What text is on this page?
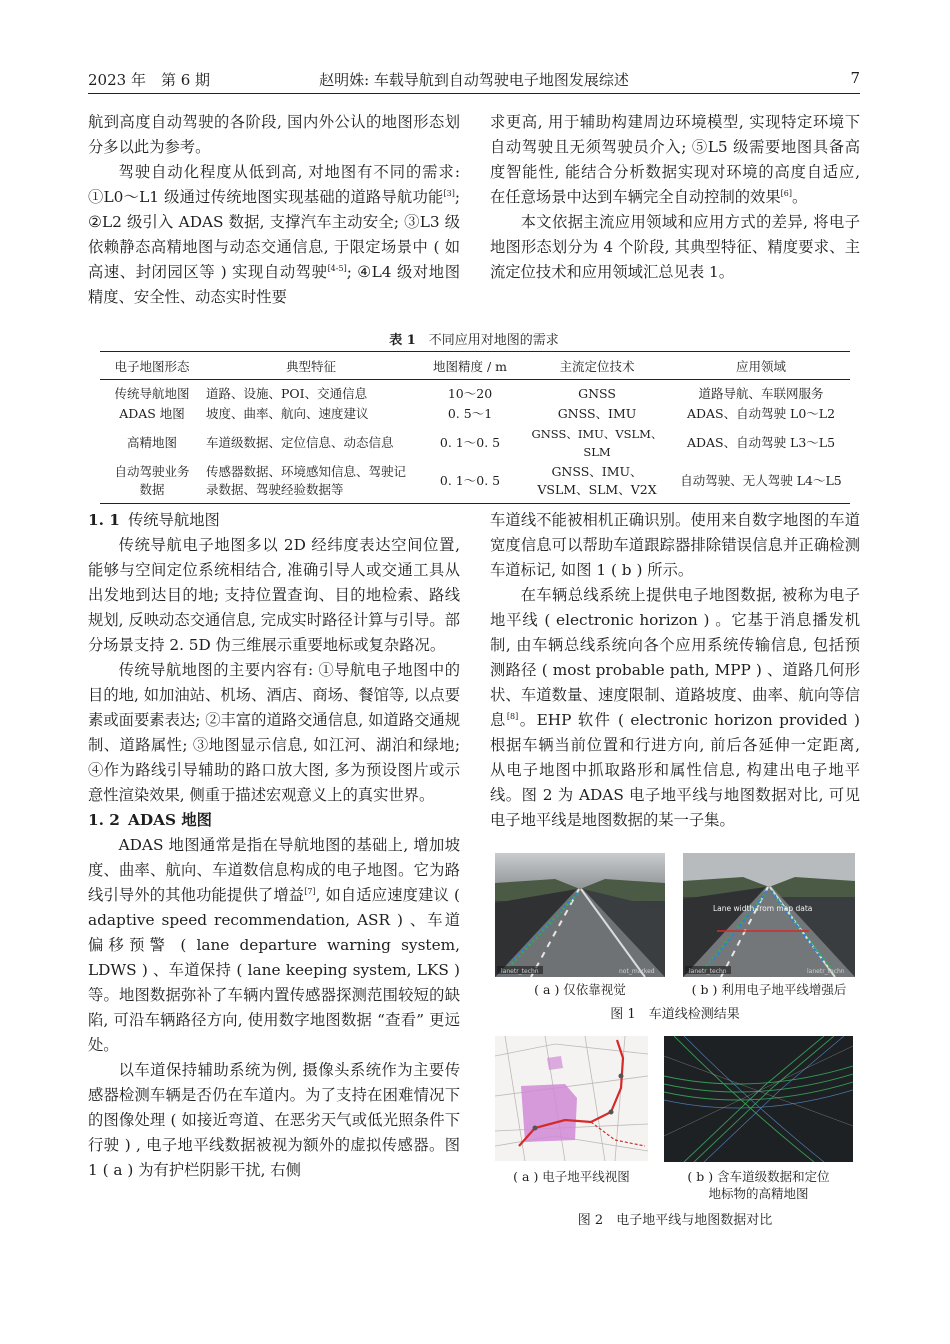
2023 年　第 6 期	赵明姝: 车载导航到自动驾驶电子地图发展综述	7

航到高度自动驾驶的各阶段, 国内外公认的地图形态划分多以此为参考。

驾驶自动化程度从低到高, 对地图有不同的需求: ①L0～L1 级通过传统地图实现基础的道路导航功能[3]; ②L2 级引入 ADAS 数据, 支撑汽车主动安全; ③L3 级依赖静态高精地图与动态交通信息, 于限定场景中 ( 如高速、封闭园区等 ) 实现自动驾驶[4-5]; ④L4 级对地图精度、安全性、动态实时性要

求更高, 用于辅助构建周边环境模型, 实现特定环境下自动驾驶且无须驾驶员介入; ⑤L5 级需要地图具备高度智能性, 能结合分析数据实现对环境的高度自适应, 在任意场景中达到车辆完全自动控制的效果[6]。

本文依据主流应用领域和应用方式的差异, 将电子地图形态划分为 4 个阶段, 其典型特征、精度要求、主流定位技术和应用领域汇总见表 1。

表 1　 不同应用对地图的需求
电子地图形态	典型特征	地图精度 / m	主流定位技术	应用领域
传统导航地图	道路、设施、POI、交通信息	10～20	GNSS	道路导航、车联网服务
ADAS 地图	坡度、曲率、航向、速度建议	0. 5～1	GNSS、IMU	ADAS、自动驾驶 L0～L2
高精地图	车道级数据、定位信息、动态信息	0. 1～0. 5	GNSS、IMU、VSLM、SLM	ADAS、自动驾驶 L3～L5
自动驾驶业务数据	传感器数据、环境感知信息、驾驶记录数据、驾驶经验数据等	0. 1～0. 5	GNSS、IMU、VSLM、SLM、V2X	自动驾驶、无人驾驶 L4～L5
1. 1 传统导航地图

传统导航电子地图多以 2D 经纬度表达空间位置, 能够与空间定位系统相结合, 准确引导人或交通工具从出发地到达目的地; 支持位置查询、目的地检索、路线规划, 反映动态交通信息, 完成实时路径计算与引导。部分场景支持 2. 5D 伪三维展示重要地标或复杂路况。

传统导航地图的主要内容有: ①导航电子地图中的目的地, 如加油站、机场、酒店、商场、餐馆等, 以点要素或面要素表达; ②丰富的道路交通信息, 如道路交通规制、道路属性; ③地图显示信息, 如江河、湖泊和绿地; ④作为路线引导辅助的路口放大图, 多为预设图片或示意性渲染效果, 侧重于描述宏观意义上的真实世界。

1. 2 ADAS 地图

ADAS 地图通常是指在导航地图的基础上, 增加坡度、曲率、航向、车道数信息构成的电子地图。它为路线引导外的其他功能提供了增益[7], 如自适应速度建议 ( adaptive speed recommendation, ASR ) 、车道偏移预警 ( lane departure warning system, LDWS ) 、车道保持 ( lane keeping system, LKS ) 等。地图数据弥补了车辆内置传感器探测范围较短的缺陷, 可沿车辆路径方向, 使用数字地图数据 “查看” 更远处。

以车道保持辅助系统为例, 摄像头系统作为主要传感器检测车辆是否仍在车道内。为了支持在困难情况下的图像处理 ( 如接近弯道、在恶劣天气或低光照条件下行驶 ) , 电子地平线数据被视为额外的虚拟传感器。图 1 ( a ) 为有护栏阴影干扰, 右侧

车道线不能被相机正确识别。使用来自数字地图的车道宽度信息可以帮助车道跟踪器排除错误信息并正确检测车道标记, 如图 1 ( b ) 所示。

在车辆总线系统上提供电子地图数据, 被称为电子地平线 ( electronic horizon ) 。它基于消息播发机制, 由车辆总线系统向各个应用系统传输信息, 包括预测路径 ( most probable path, MPP ) 、道路几何形状、车道数量、速度限制、道路坡度、曲率、航向等信息[8]。EHP 软件 ( electronic horizon provided ) 根据车辆当前位置和行进方向, 前后各延伸一定距离, 从电子地图中抓取路形和属性信息, 构建出电子地平线。图 2 为 ADAS 电子地平线与地图数据对比, 可见电子地平线是地图数据的某一子集。

lanetr_techn	not_marked
( a ) 仅依靠视觉
Lane width from map data
lanetr_techn	lanetr_techn
( b ) 利用电子地平线增强后
图 1　车道线检测结果
( a ) 电子地平线视图	( b ) 含车道级数据和定位
地标物的高精地图
图 2　电子地平线与地图数据对比
